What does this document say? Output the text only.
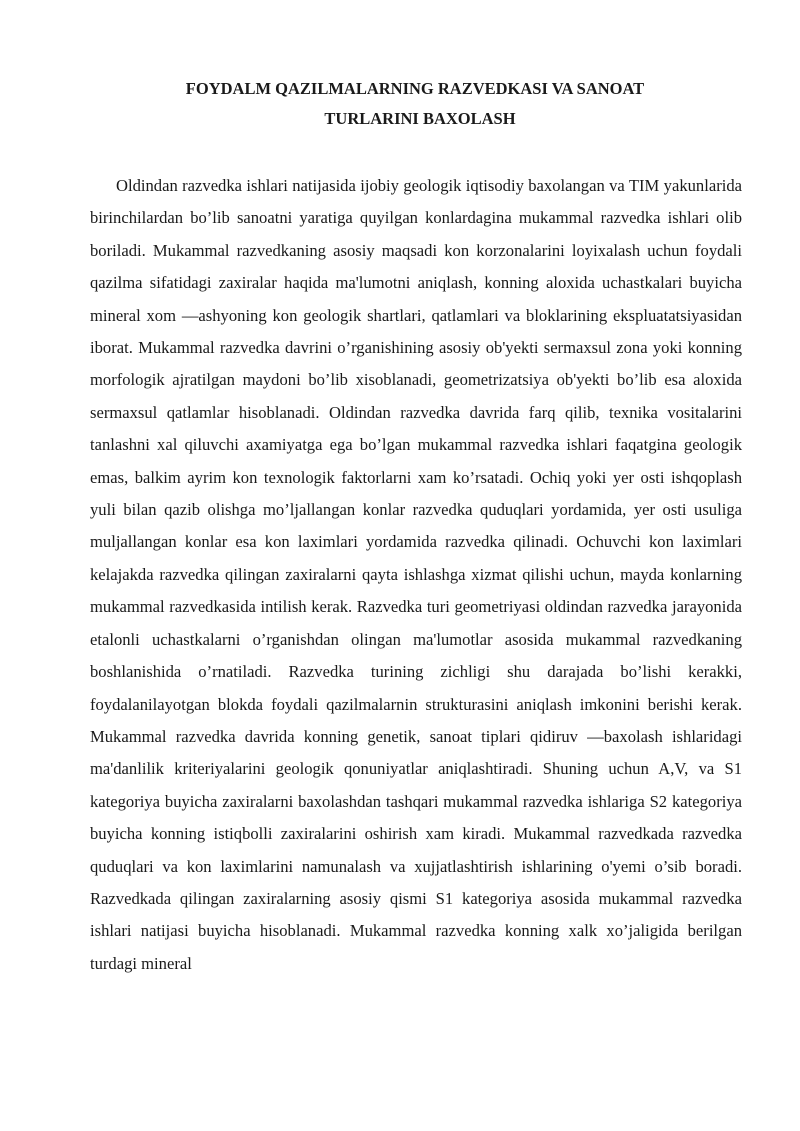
FOYDALM QAZILMALARNING RAZVEDKASI VA SANOAT

TURLARINI BAXOLASH

Oldindan razvedka ishlari natijasida ijobiy geologik iqtisodiy baxolangan va TIM yakunlarida birinchilardan bo’lib sanoatni yaratiga quyilgan konlardagina mukammal razvedka ishlari olib boriladi. Mukammal razvedkaning asosiy maqsadi kon korzonalarini loyixalash uchun foydali qazilma sifatidagi zaxiralar haqida ma'lumotni aniqlash, konning aloxida uchastkalari buyicha mineral xom —ashyoning kon geologik shartlari, qatlamlari va bloklarining ekspluatatsiyasidan iborat. Mukammal razvedka davrini o’rganishining asosiy ob'yekti sermaxsul zona yoki konning morfologik ajratilgan maydoni bo’lib xisoblanadi, geometrizatsiya ob'yekti bo’lib esa aloxida sermaxsul qatlamlar hisoblanadi. Oldindan razvedka davrida farq qilib, texnika vositalarini tanlashni xal qiluvchi axamiyatga ega bo’lgan mukammal razvedka ishlari faqatgina geologik emas, balkim ayrim kon texnologik faktorlarni xam ko’rsatadi. Ochiq yoki yer osti ishqoplash yuli bilan qazib olishga mo’ljallangan konlar razvedka quduqlari yordamida, yer osti usuliga muljallangan konlar esa kon laximlari yordamida razvedka qilinadi. Ochuvchi kon laximlari kelajakda razvedka qilingan zaxiralarni qayta ishlashga xizmat qilishi uchun, mayda konlarning mukammal razvedkasida intilish kerak. Razvedka turi geometriyasi oldindan razvedka jarayonida etalonli uchastkalarni o’rganishdan olingan ma'lumotlar asosida mukammal razvedkaning boshlanishida o’rnatiladi. Razvedka turining zichligi shu darajada bo’lishi kerakki, foydalanilayotgan blokda foydali qazilmalarnin strukturasini aniqlash imkonini berishi kerak. Mukammal razvedka davrida konning genetik, sanoat tiplari qidiruv —baxolash ishlaridagi ma'danlilik kriteriyalarini geologik qonuniyatlar aniqlashtiradi. Shuning uchun A,V, va S1 kategoriya buyicha zaxiralarni baxolashdan tashqari mukammal razvedka ishlariga S2 kategoriya buyicha konning istiqbolli zaxiralarini oshirish xam kiradi. Mukammal razvedkada razvedka quduqlari va kon laximlarini namunalash va xujjatlashtirish ishlarining o'yemi o’sib boradi. Razvedkada qilingan zaxiralarning asosiy qismi S1 kategoriya asosida mukammal razvedka ishlari natijasi buyicha hisoblanadi. Mukammal razvedka konning xalk xo’jaligida berilgan turdagi mineral
